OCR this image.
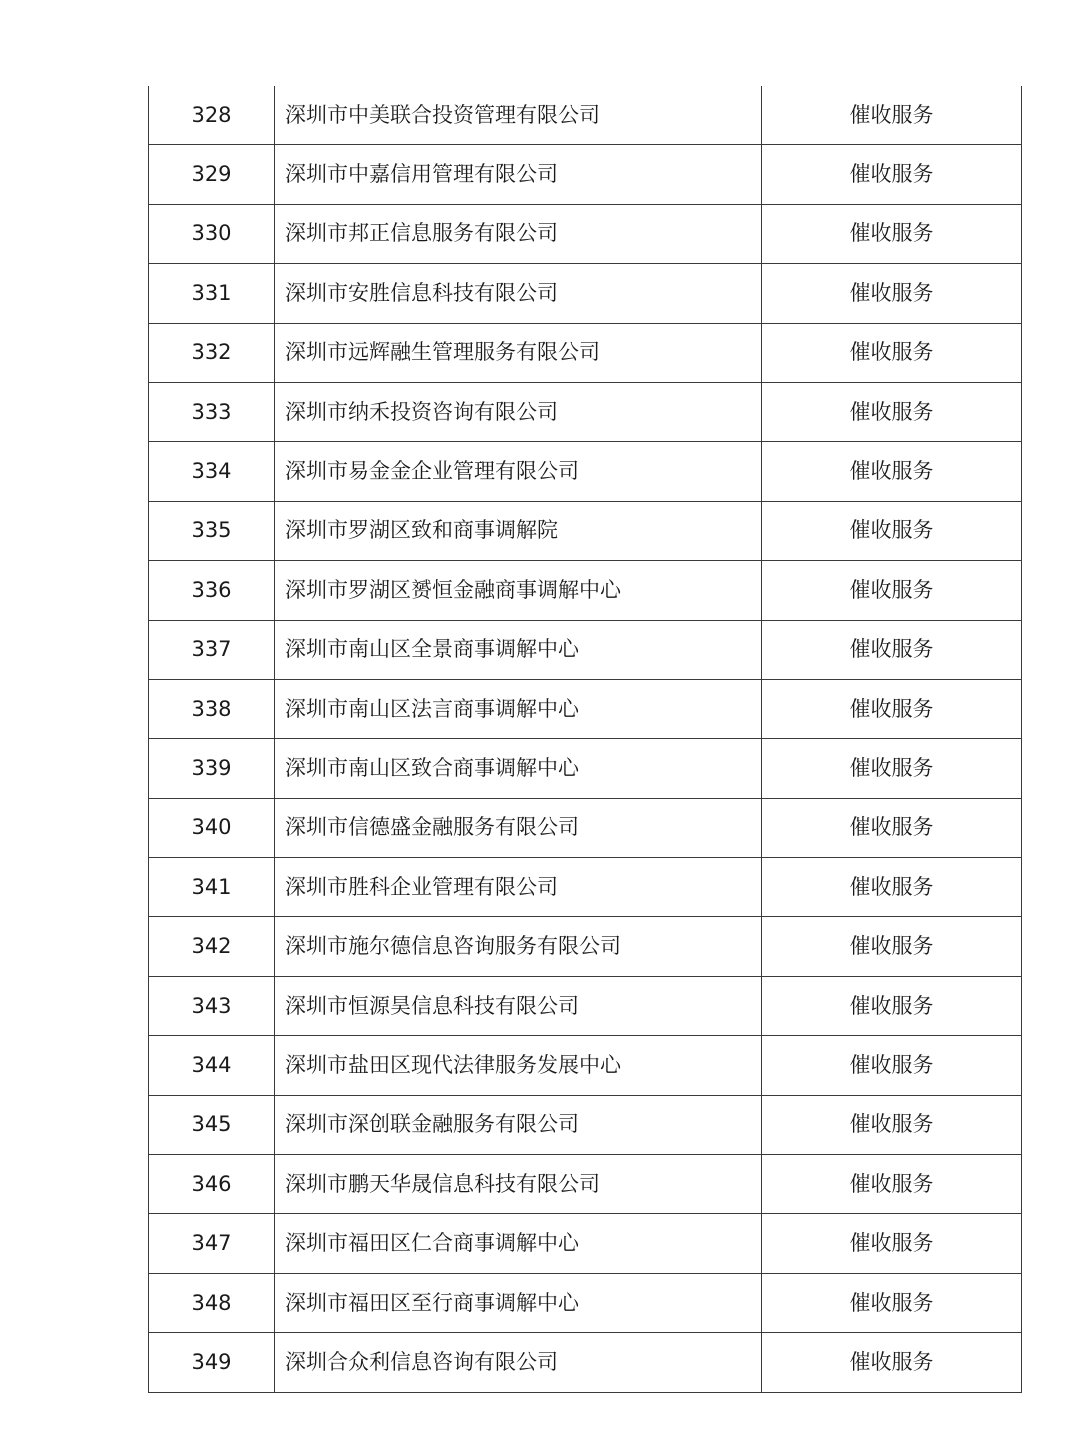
328	深圳市中美联合投资管理有限公司	催收服务
329	深圳市中嘉信用管理有限公司	催收服务
330	深圳市邦正信息服务有限公司	催收服务
331	深圳市安胜信息科技有限公司	催收服务
332	深圳市远辉融生管理服务有限公司	催收服务
333	深圳市纳禾投资咨询有限公司	催收服务
334	深圳市易金金企业管理有限公司	催收服务
335	深圳市罗湖区致和商事调解院	催收服务
336	深圳市罗湖区赟恒金融商事调解中心	催收服务
337	深圳市南山区全景商事调解中心	催收服务
338	深圳市南山区法言商事调解中心	催收服务
339	深圳市南山区致合商事调解中心	催收服务
340	深圳市信德盛金融服务有限公司	催收服务
341	深圳市胜科企业管理有限公司	催收服务
342	深圳市施尔德信息咨询服务有限公司	催收服务
343	深圳市恒源昊信息科技有限公司	催收服务
344	深圳市盐田区现代法律服务发展中心	催收服务
345	深圳市深创联金融服务有限公司	催收服务
346	深圳市鹏天华晟信息科技有限公司	催收服务
347	深圳市福田区仁合商事调解中心	催收服务
348	深圳市福田区至行商事调解中心	催收服务
349	深圳合众利信息咨询有限公司	催收服务
